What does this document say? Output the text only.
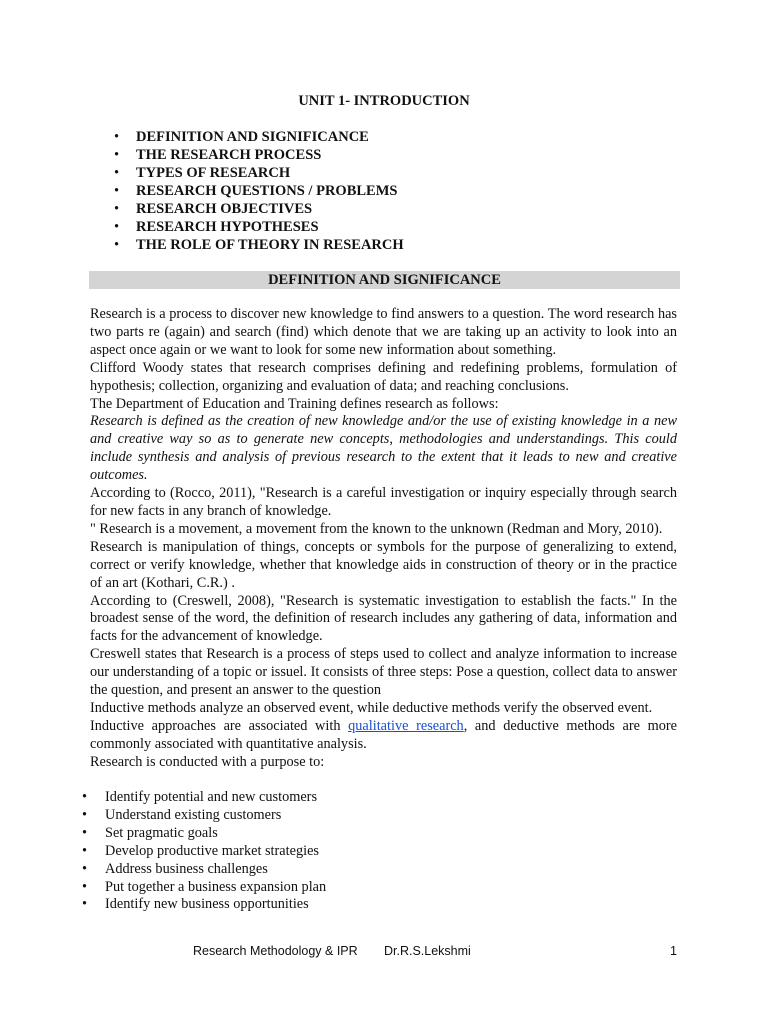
UNIT 1- INTRODUCTION
• DEFINITION AND SIGNIFICANCE
• THE RESEARCH PROCESS
• TYPES OF RESEARCH
• RESEARCH QUESTIONS / PROBLEMS
• RESEARCH OBJECTIVES
• RESEARCH HYPOTHESES
• THE ROLE OF THEORY IN RESEARCH
DEFINITION AND SIGNIFICANCE

Research is a process to discover new knowledge to find answers to a question. The word research has two parts re (again) and search (find) which denote that we are taking up an activity to look into an aspect once again or we want to look for some new information about something.

Clifford Woody states that research comprises defining and redefining problems, formulation of hypothesis; collection, organizing and evaluation of data; and reaching conclusions.

The Department of Education and Training defines research as follows:

Research is defined as the creation of new knowledge and/or the use of existing knowledge in a new and creative way so as to generate new concepts, methodologies and understandings. This could include synthesis and analysis of previous research to the extent that it leads to new and creative outcomes.

According to (Rocco, 2011), "Research is a careful investigation or inquiry especially through search for new facts in any branch of knowledge.

" Research is a movement, a movement from the known to the unknown (Redman and Mory, 2010).

Research is manipulation of things, concepts or symbols for the purpose of generalizing to extend, correct or verify knowledge, whether that knowledge aids in construction of theory or in the practice of an art (Kothari, C.R.) .

According to (Creswell, 2008), "Research is systematic investigation to establish the facts." In the broadest sense of the word, the definition of research includes any gathering of data, information and facts for the advancement of knowledge.

Creswell states that Research is a process of steps used to collect and analyze information to increase our understanding of a topic or issuel. It consists of three steps: Pose a question, collect data to answer the question, and present an answer to the question

Inductive methods analyze an observed event, while deductive methods verify the observed event.

Inductive approaches are associated with qualitative research, and deductive methods are more commonly associated with quantitative analysis.

Research is conducted with a purpose to:

• Identify potential and new customers
• Understand existing customers
• Set pragmatic goals
• Develop productive market strategies
• Address business challenges
• Put together a business expansion plan
• Identify new business opportunities
Research Methodology & IPR Dr.R.S.Lekshmi	1
